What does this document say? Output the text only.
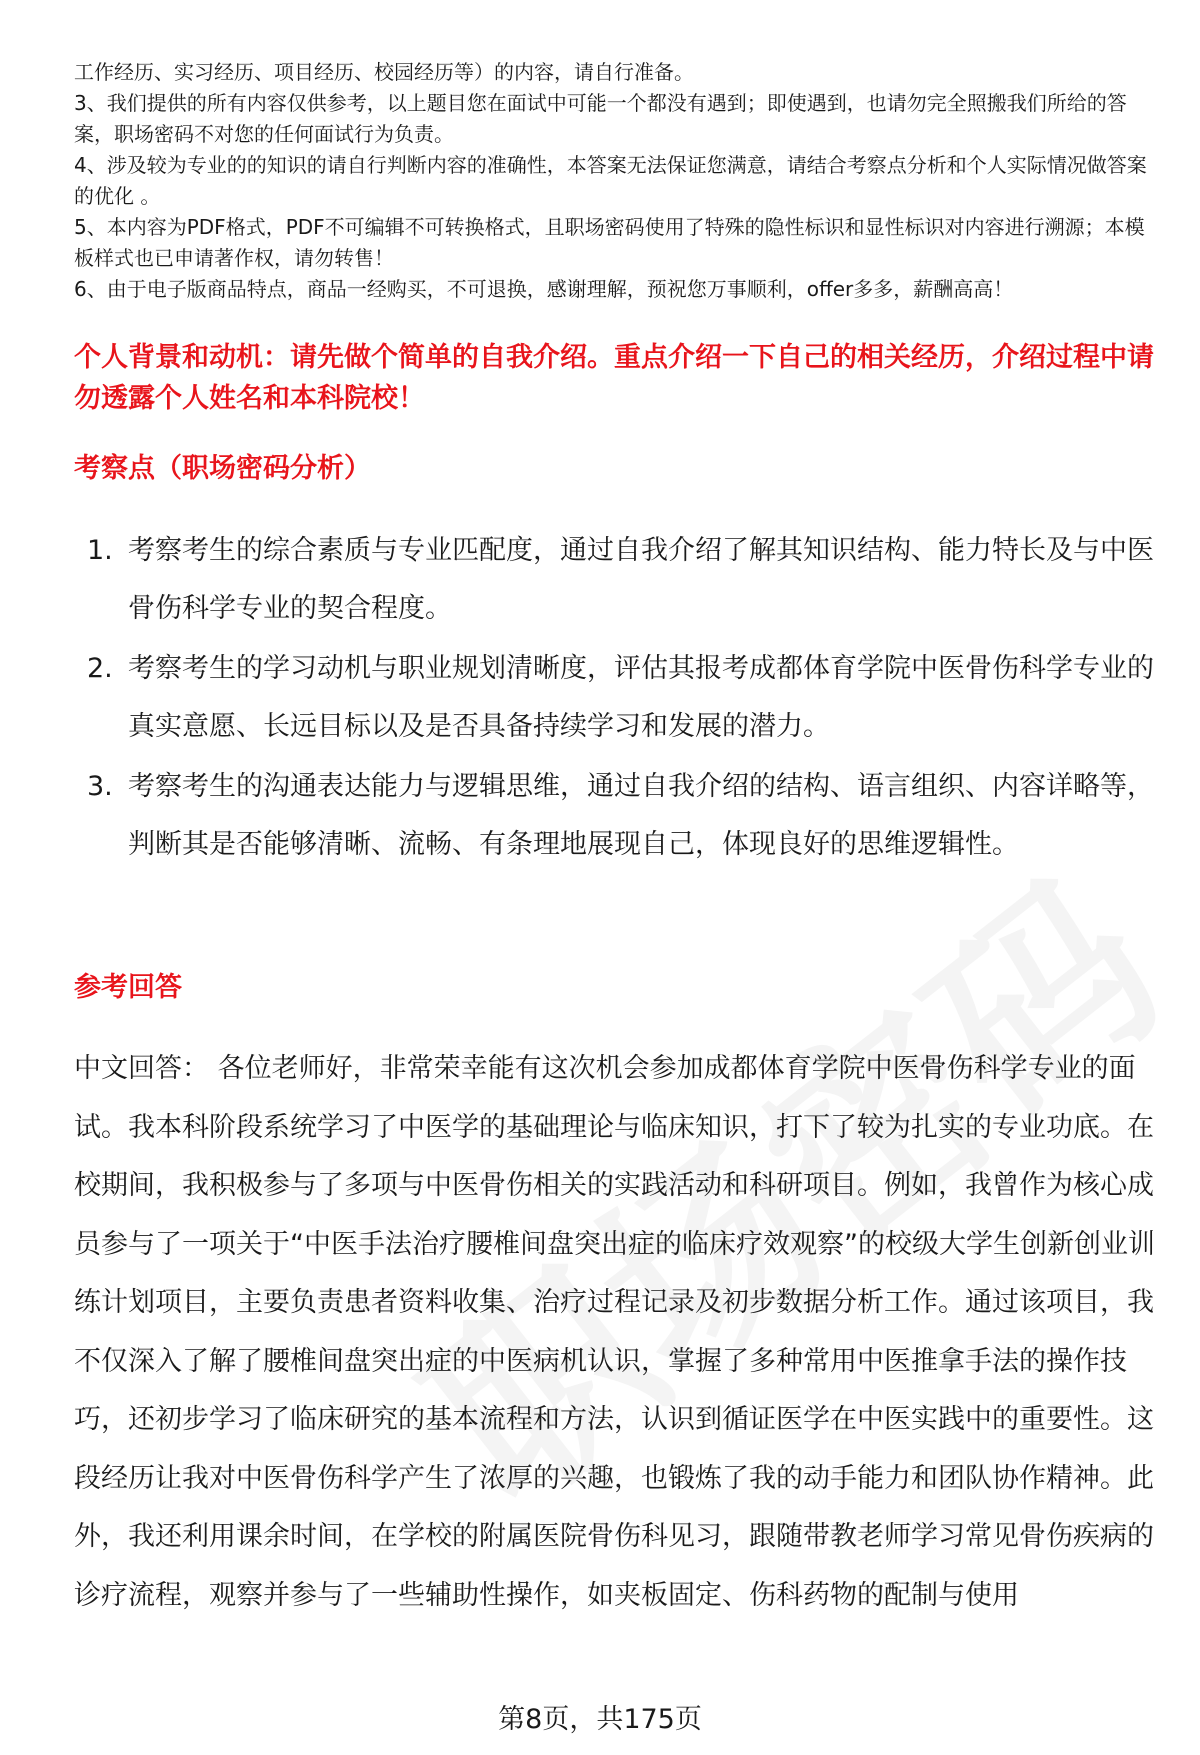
工作经历、实习经历、项目经历、校园经历等）的内容，请自行准备。

3、我们提供的所有内容仅供参考，以上题目您在面试中可能一个都没有遇到；即使遇到，也请勿完全照搬我们所给的答案，职场密码不对您的任何面试行为负责。

4、涉及较为专业的的知识的请自行判断内容的准确性，本答案无法保证您满意，请结合考察点分析和个人实际情况做答案的优化 。

5、本内容为PDF格式，PDF不可编辑不可转换格式，且职场密码使用了特殊的隐性标识和显性标识对内容进行溯源；本模板样式也已申请著作权，请勿转售！

6、由于电子版商品特点，商品一经购买，不可退换，感谢理解，预祝您万事顺利，offer多多，薪酬高高！

个人背景和动机：请先做个简单的自我介绍。重点介绍一下自己的相关经历，介绍过程中请勿透露个人姓名和本科院校！
考察点（职场密码分析）
1. 考察考生的综合素质与专业匹配度，通过自我介绍了解其知识结构、能力特长及与中医骨伤科学专业的契合程度。
2. 考察考生的学习动机与职业规划清晰度，评估其报考成都体育学院中医骨伤科学专业的真实意愿、长远目标以及是否具备持续学习和发展的潜力。
3. 考察考生的沟通表达能力与逻辑思维，通过自我介绍的结构、语言组织、内容详略等，判断其是否能够清晰、流畅、有条理地展现自己，体现良好的思维逻辑性。
参考回答

中文回答： 各位老师好，非常荣幸能有这次机会参加成都体育学院中医骨伤科学专业的面试。我本科阶段系统学习了中医学的基础理论与临床知识，打下了较为扎实的专业功底。在校期间，我积极参与了多项与中医骨伤相关的实践活动和科研项目。例如，我曾作为核心成员参与了一项关于“中医手法治疗腰椎间盘突出症的临床疗效观察”的校级大学生创新创业训练计划项目，主要负责患者资料收集、治疗过程记录及初步数据分析工作。通过该项目，我不仅深入了解了腰椎间盘突出症的中医病机认识，掌握了多种常用中医推拿手法的操作技巧，还初步学习了临床研究的基本流程和方法，认识到循证医学在中医实践中的重要性。这段经历让我对中医骨伤科学产生了浓厚的兴趣，也锻炼了我的动手能力和团队协作精神。此外，我还利用课余时间，在学校的附属医院骨伤科见习，跟随带教老师学习常见骨伤疾病的诊疗流程，观察并参与了一些辅助性操作，如夹板固定、伤科药物的配制与使用

第8页，共175页
